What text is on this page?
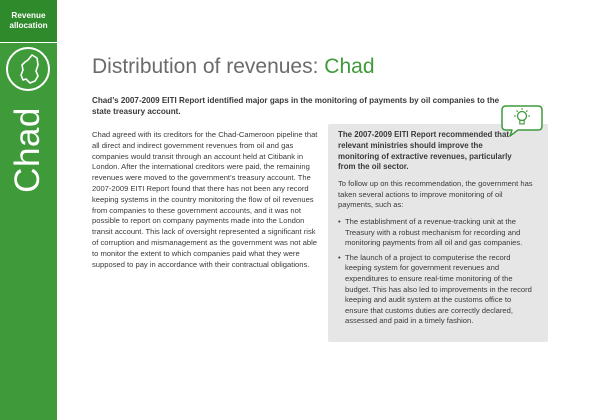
Revenue
allocation
Chad
Distribution of revenues: Chad
Chad’s 2007-2009 EITI Report identified major gaps in the monitoring of payments by oil companies to the state treasury account.
Chad agreed with its creditors for the Chad-Cameroon pipeline that all direct and indirect government revenues from oil and gas companies would transit through an account held at Citibank in London. After the international creditors were paid, the remaining revenues were moved to the government’s treasury account. The 2007-2009 EITI Report found that there has not been any record keeping systems in the country monitoring the flow of oil revenues from companies to these government accounts, and it was not possible to report on company payments made into the London transit account. This lack of oversight represented a significant risk of corruption and mismanagement as the government was not able to monitor the extent to which companies paid what they were supposed to pay in accordance with their contractual obligations.
The 2007-2009 EITI Report recommended that relevant ministries should improve the monitoring of extractive revenues, particularly from the oil sector.
To follow up on this recommendation, the government has taken several actions to improve monitoring of oil payments, such as:
• The establishment of a revenue-tracking unit at the Treasury with a robust mechanism for recording and monitoring payments from all oil and gas companies.
• The launch of a project to computerise the record keeping system for government revenues and expenditures to ensure real-time monitoring of the budget. This has also led to improvements in the record keeping and audit system at the customs office to ensure that customs duties are correctly declared, assessed and paid in a timely fashion.
